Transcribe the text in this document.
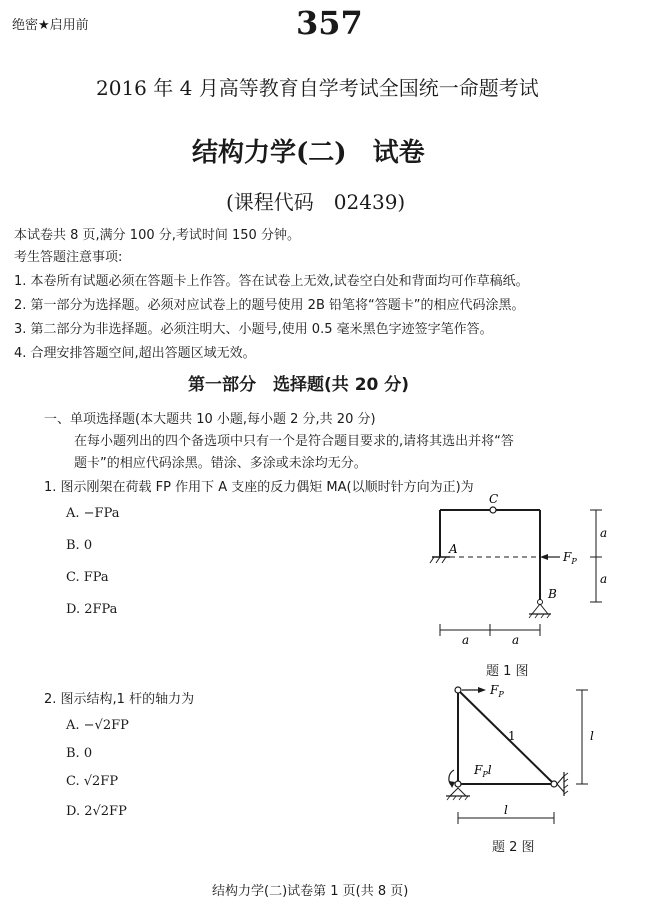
绝密★启用前	357
2016 年 4 月高等教育自学考试全国统一命题考试
结构力学(二)　试卷
(课程代码　02439)
本试卷共 8 页,满分 100 分,考试时间 150 分钟。
考生答题注意事项:
1. 本卷所有试题必须在答题卡上作答。答在试卷上无效,试卷空白处和背面均可作草稿纸。
2. 第一部分为选择题。必须对应试卷上的题号使用 2B 铅笔将“答题卡”的相应代码涂黑。
3. 第二部分为非选择题。必须注明大、小题号,使用 0.5 毫米黑色字迹签字笔作答。
4. 合理安排答题空间,超出答题区域无效。
第一部分　选择题(共 20 分)
一、单项选择题(本大题共 10 小题,每小题 2 分,共 20 分)
在每小题列出的四个备选项中只有一个是符合题目要求的,请将其选出并将“答
题卡”的相应代码涂黑。错涂、多涂或未涂均无分。
1. 图示刚架在荷载 FP 作用下 A 支座的反力偶矩 MA(以顺时针方向为正)为
A. −FPa
B. 0
C. FPa
D. 2FPa
C
A
B
$F_P$
a
a
a	a
题 1 图
2. 图示结构,1 杆的轴力为
A. −√2FP
B. 0
C. √2FP
D. 2√2FP
$F_P$
1
$F_Pl$
l
l
题 2 图
结构力学(二)试卷第 1 页(共 8 页)
